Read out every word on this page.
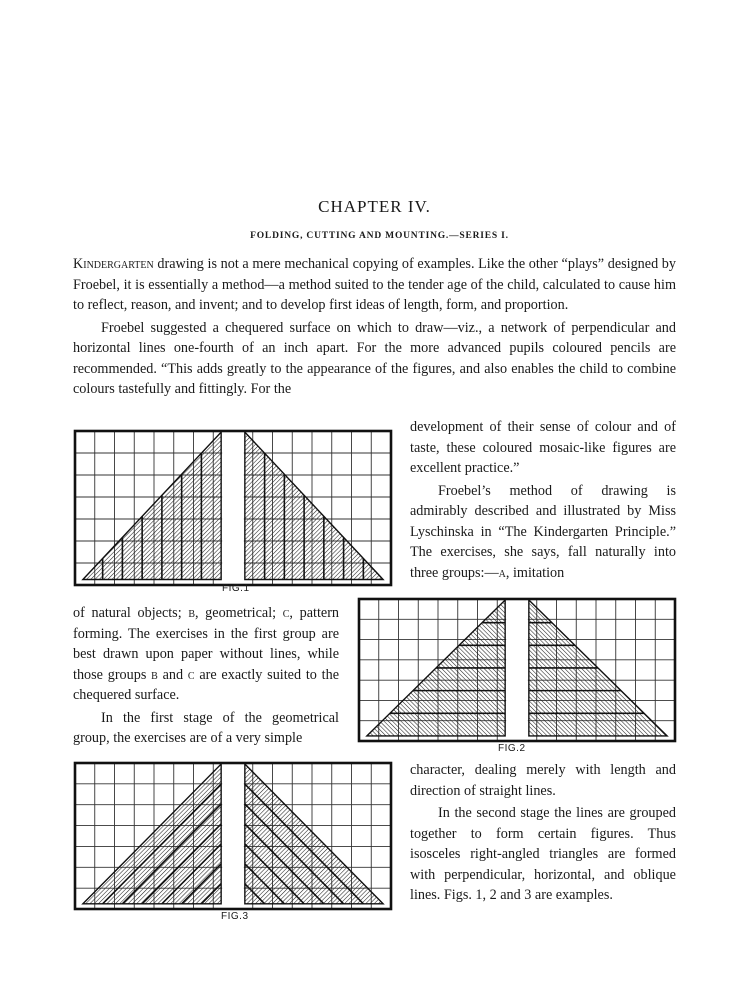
CHAPTER IV.
FOLDING, CUTTING AND MOUNTING.—SERIES I.

Kindergarten drawing is not a mere mechanical copying of examples. Like the other “plays” designed by Froebel, it is essentially a method—a method suited to the tender age of the child, calculated to cause him to reflect, reason, and invent; and to develop first ideas of length, form, and proportion.

Froebel suggested a chequered surface on which to draw—viz., a network of perpendicular and horizontal lines one-fourth of an inch apart. For the more advanced pupils coloured pencils are recommended. “This adds greatly to the appearance of the figures, and also enables the child to combine colours tastefully and fittingly. For the

FIG.1

development of their sense of colour and of taste, these coloured mosaic-like figures are excellent practice.”

Froebel’s method of drawing is admirably described and illustrated by Miss Lyschinska in “The Kindergarten Principle.” The exercises, she says, fall naturally into three groups:—a, imitation

of natural objects; b, geometrical; c, pattern forming. The exercises in the first group are best drawn upon paper without lines, while those groups b and c are exactly suited to the chequered surface.

In the first stage of the geometrical group, the exercises are of a very simple

FIG.2
FIG.3

character, dealing merely with length and direction of straight lines.

In the second stage the lines are grouped together to form certain figures. Thus isosceles right-angled triangles are formed with perpendicular, horizontal, and oblique lines. Figs. 1, 2 and 3 are examples.
